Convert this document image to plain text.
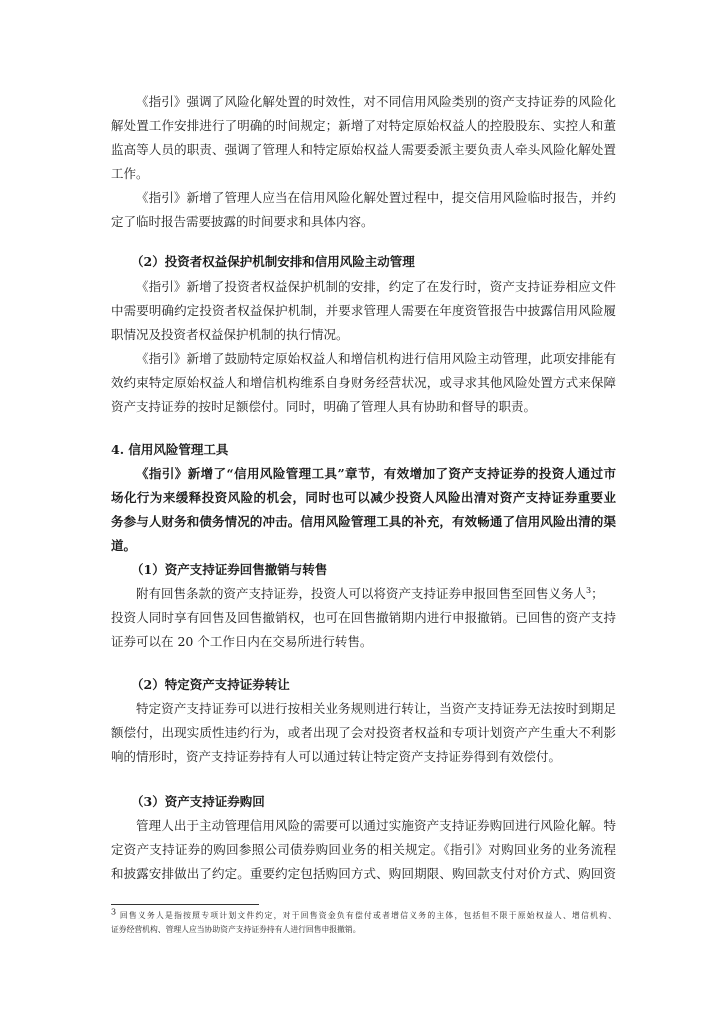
《指引》强调了风险化解处置的时效性，对不同信用风险类别的资产支持证券的风险化
解处置工作安排进行了明确的时间规定；新增了对特定原始权益人的控股股东、实控人和董
监高等人员的职责、强调了管理人和特定原始权益人需要委派主要负责人牵头风险化解处置
工作。
《指引》新增了管理人应当在信用风险化解处置过程中，提交信用风险临时报告，并约
定了临时报告需要披露的时间要求和具体内容。
（2）投资者权益保护机制安排和信用风险主动管理
《指引》新增了投资者权益保护机制的安排，约定了在发行时，资产支持证券相应文件
中需要明确约定投资者权益保护机制，并要求管理人需要在年度资管报告中披露信用风险履
职情况及投资者权益保护机制的执行情况。
《指引》新增了鼓励特定原始权益人和增信机构进行信用风险主动管理，此项安排能有
效约束特定原始权益人和增信机构维系自身财务经营状况，或寻求其他风险处置方式来保障
资产支持证券的按时足额偿付。同时，明确了管理人具有协助和督导的职责。
4. 信用风险管理工具
《指引》新增了“信用风险管理工具”章节，有效增加了资产支持证券的投资人通过市
场化行为来缓释投资风险的机会，同时也可以减少投资人风险出清对资产支持证券重要业
务参与人财务和债务情况的冲击。信用风险管理工具的补充，有效畅通了信用风险出清的渠
道。
（1）资产支持证券回售撤销与转售
附有回售条款的资产支持证券，投资人可以将资产支持证券申报回售至回售义务人$^3$；
投资人同时享有回售及回售撤销权，也可在回售撤销期内进行申报撤销。已回售的资产支持
证券可以在 20 个工作日内在交易所进行转售。
（2）特定资产支持证券转让
特定资产支持证券可以进行按相关业务规则进行转让，当资产支持证券无法按时到期足
额偿付，出现实质性违约行为，或者出现了会对投资者权益和专项计划资产产生重大不利影
响的情形时，资产支持证券持有人可以通过转让特定资产支持证券得到有效偿付。
（3）资产支持证券购回
管理人出于主动管理信用风险的需要可以通过实施资产支持证券购回进行风险化解。特
定资产支持证券的购回参照公司债券购回业务的相关规定。《指引》对购回业务的业务流程
和披露安排做出了约定。重要约定包括购回方式、购回期限、购回款支付对价方式、购回资
$^3$ 回售义务人是指按照专项计划文件约定，对于回售资金负有偿付或者增信义务的主体，包括但不限于原始权益人、增信机构、
证券经营机构、管理人应当协助资产支持证券持有人进行回售申报撤销。
